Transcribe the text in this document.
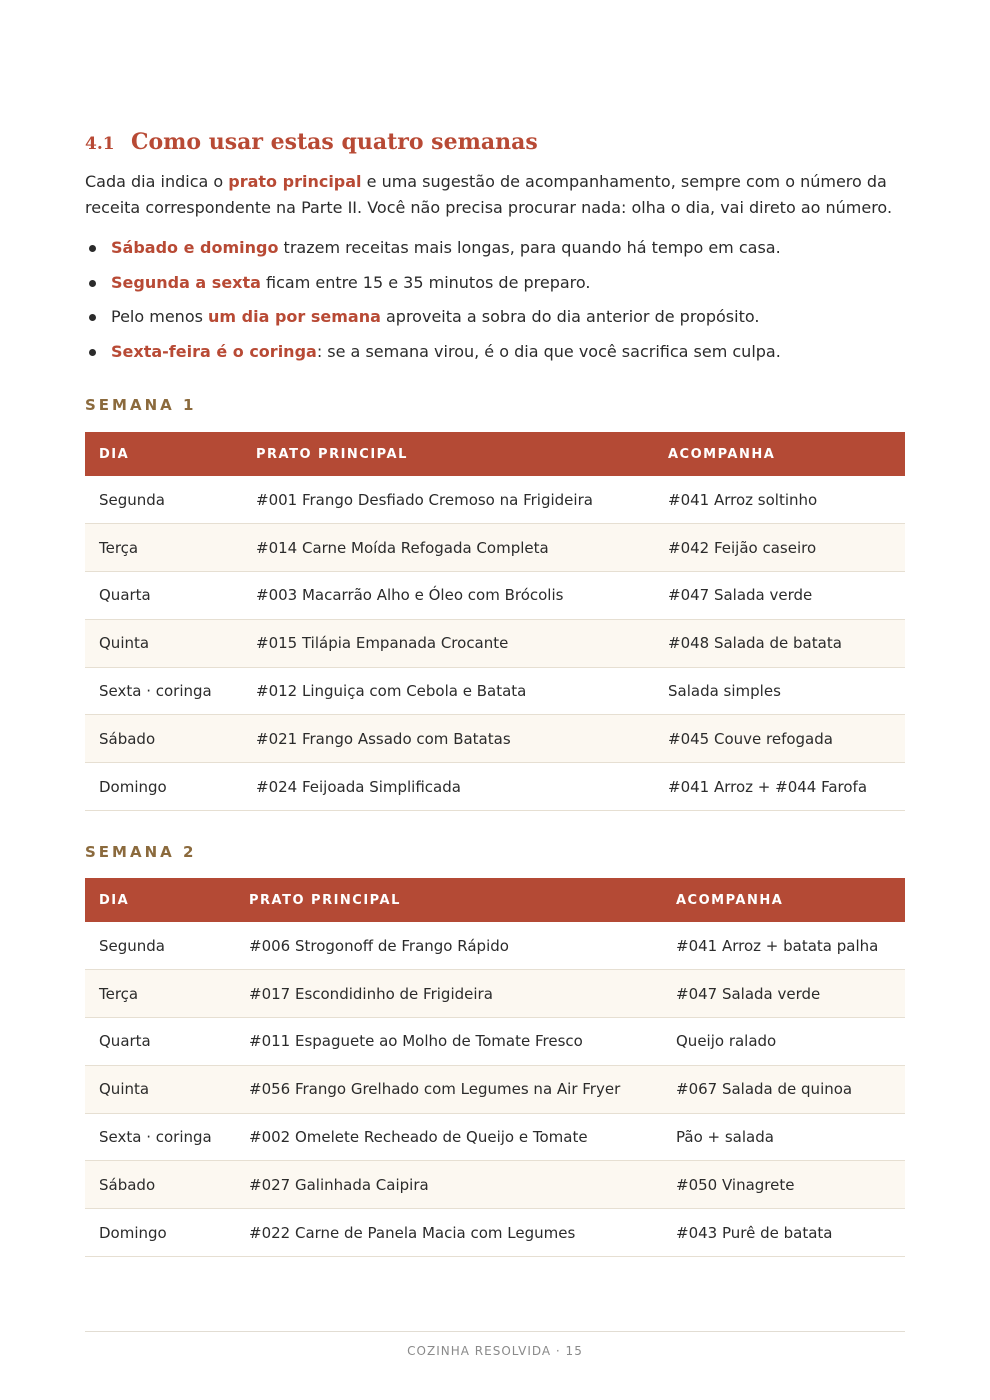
4.1 Como usar estas quatro semanas

Cada dia indica o prato principal e uma sugestão de acompanhamento, sempre com o número da receita correspondente na Parte II. Você não precisa procurar nada: olha o dia, vai direto ao número.

Sábado e domingo trazem receitas mais longas, para quando há tempo em casa.
Segunda a sexta ficam entre 15 e 35 minutos de preparo.
Pelo menos um dia por semana aproveita a sobra do dia anterior de propósito.
Sexta-feira é o coringa: se a semana virou, é o dia que você sacrifica sem culpa.
SEMANA 1
DIA	PRATO PRINCIPAL	ACOMPANHA
Segunda	#001 Frango Desfiado Cremoso na Frigideira	#041 Arroz soltinho
Terça	#014 Carne Moída Refogada Completa	#042 Feijão caseiro
Quarta	#003 Macarrão Alho e Óleo com Brócolis	#047 Salada verde
Quinta	#015 Tilápia Empanada Crocante	#048 Salada de batata
Sexta · coringa	#012 Linguiça com Cebola e Batata	Salada simples
Sábado	#021 Frango Assado com Batatas	#045 Couve refogada
Domingo	#024 Feijoada Simplificada	#041 Arroz + #044 Farofa
SEMANA 2
DIA	PRATO PRINCIPAL	ACOMPANHA
Segunda	#006 Strogonoff de Frango Rápido	#041 Arroz + batata palha
Terça	#017 Escondidinho de Frigideira	#047 Salada verde
Quarta	#011 Espaguete ao Molho de Tomate Fresco	Queijo ralado
Quinta	#056 Frango Grelhado com Legumes na Air Fryer	#067 Salada de quinoa
Sexta · coringa	#002 Omelete Recheado de Queijo e Tomate	Pão + salada
Sábado	#027 Galinhada Caipira	#050 Vinagrete
Domingo	#022 Carne de Panela Macia com Legumes	#043 Purê de batata
COZINHA RESOLVIDA · 15
